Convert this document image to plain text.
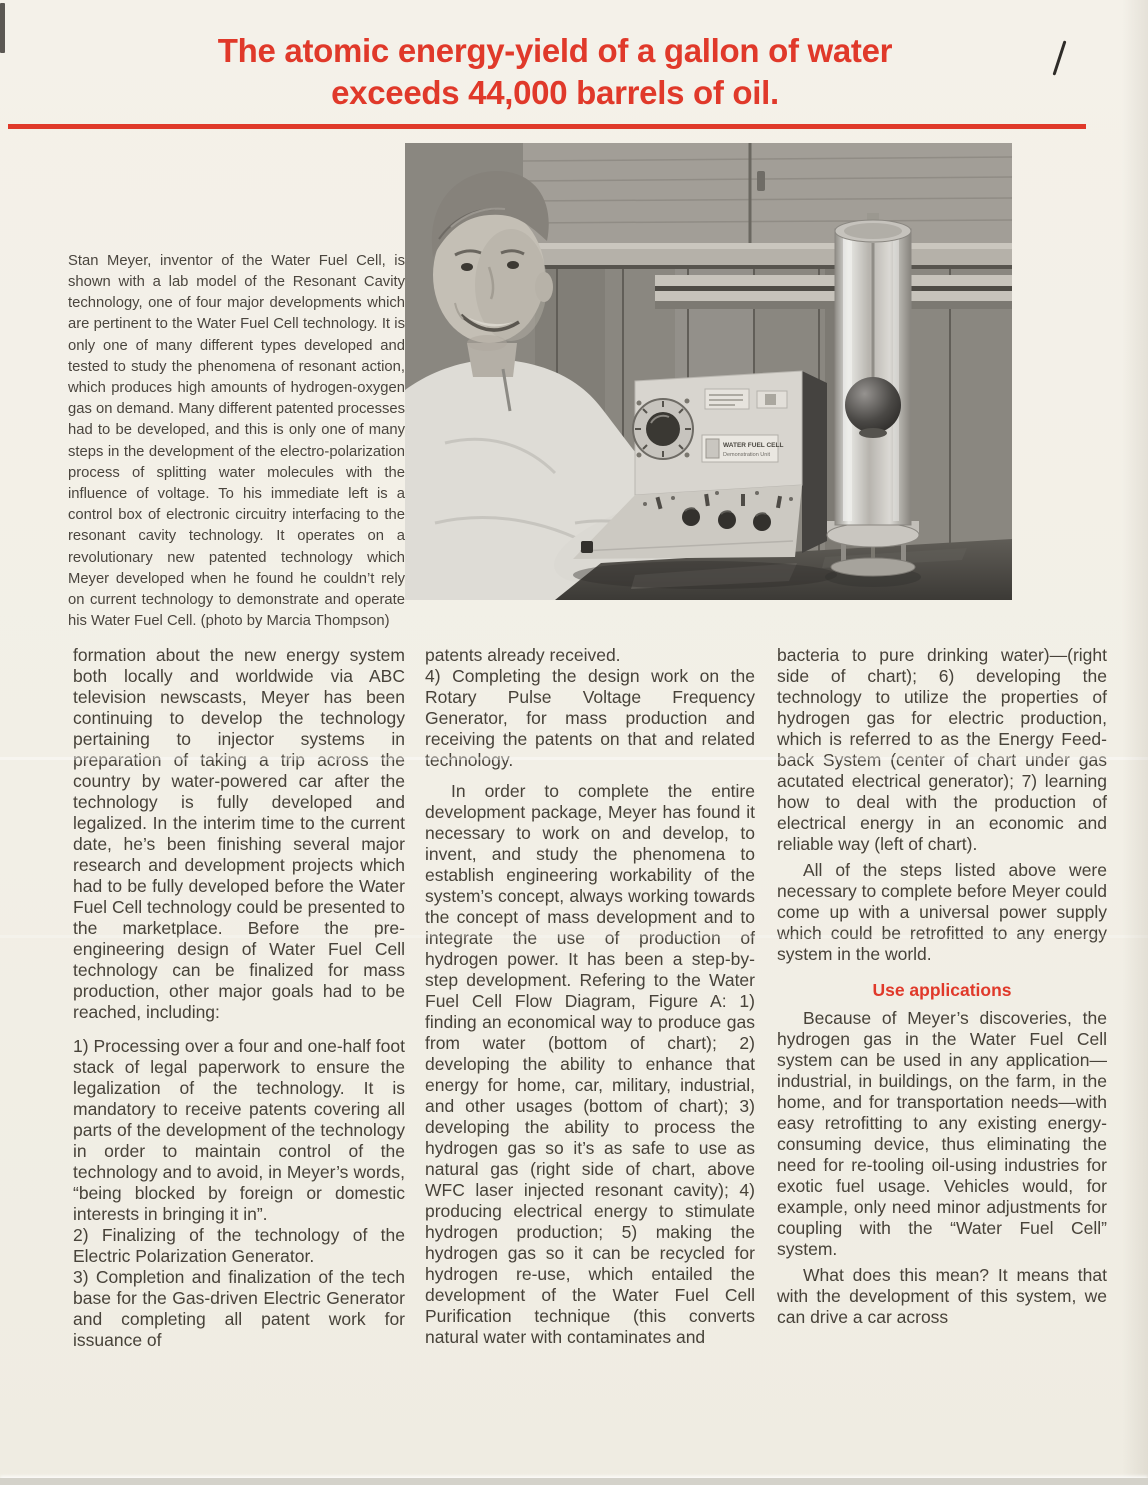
The atomic energy-yield of a gallon of water
exceeds 44,000 barrels of oil.
WATER FUEL CELL
Demonstration Unit

Stan Meyer, inventor of the Water Fuel Cell, is shown with a lab model of the Resonant Cavity technology, one of four major developments which are pertinent to the Water Fuel Cell technology. It is only one of many different types developed and tested to study the phenomena of resonant action, which produces high amounts of hydrogen-oxygen gas on demand. Many different patented processes had to be developed, and this is only one of many steps in the development of the electro-polarization process of splitting water molecules with the influence of voltage. To his immediate left is a control box of electronic circuitry interfacing to the resonant cavity technology. It operates on a revolutionary new patented technology which Meyer developed when he found he couldn’t rely on current technology to demonstrate and operate his Water Fuel Cell. (photo by Marcia Thompson)

formation about the new energy system both locally and worldwide via ABC television newscasts, Meyer has been continuing to develop the technology pertaining to injector systems in preparation of taking a trip across the country by water-powered car after the technology is fully developed and legalized. In the interim time to the current date, he’s been finishing several major research and development projects which had to be fully developed before the Water Fuel Cell technology could be presented to the marketplace. Before the pre-engineering design of Water Fuel Cell technology can be finalized for mass production, other major goals had to be reached, including:

1) Processing over a four and one-half foot stack of legal paperwork to ensure the legalization of the technology. It is mandatory to receive patents covering all parts of the development of the technology in order to maintain control of the technology and to avoid, in Meyer’s words, “being blocked by foreign or domestic interests in bringing it in”.

2) Finalizing of the technology of the Electric Polarization Generator.

3) Completion and finalization of the tech base for the Gas-driven Electric Generator and completing all patent work for issuance of

patents already received.

4) Completing the design work on the Rotary Pulse Voltage Frequency Generator, for mass production and receiving the patents on that and related technology.

In order to complete the entire development package, Meyer has found it necessary to work on and develop, to invent, and study the phenomena to establish engineering workability of the system’s concept, always working towards the concept of mass development and to integrate the use of production of hydrogen power. It has been a step-by-step development. Refering to the Water Fuel Cell Flow Diagram, Figure A: 1) finding an economical way to produce gas from water (bottom of chart); 2) developing the ability to enhance that energy for home, car, military, industrial, and other usages (bottom of chart); 3) developing the ability to process the hydrogen gas so it’s as safe to use as natural gas (right side of chart, above WFC laser injected resonant cavity); 4) producing electrical energy to stimulate hydrogen production; 5) making the hydrogen gas so it can be recycled for hydrogen re-use, which entailed the development of the Water Fuel Cell Purification technique (this converts natural water with contaminates and

bacteria to pure drinking water)—(right side of chart); 6) developing the technology to utilize the properties of hydrogen gas for electric production, which is referred to as the Energy Feed-back System (center of chart under gas acutated electrical generator); 7) learning how to deal with the production of electrical energy in an economic and reliable way (left of chart).

All of the steps listed above were necessary to complete before Meyer could come up with a universal power supply which could be retrofitted to any energy system in the world.

Use applications

Because of Meyer’s discoveries, the hydrogen gas in the Water Fuel Cell system can be used in any application—industrial, in buildings, on the farm, in the home, and for transportation needs—with easy retrofitting to any existing energy-consuming device, thus eliminating the need for re-tooling oil-using industries for exotic fuel usage. Vehicles would, for example, only need minor adjustments for coupling with the “Water Fuel Cell” system.

What does this mean? It means that with the development of this system, we can drive a car across
